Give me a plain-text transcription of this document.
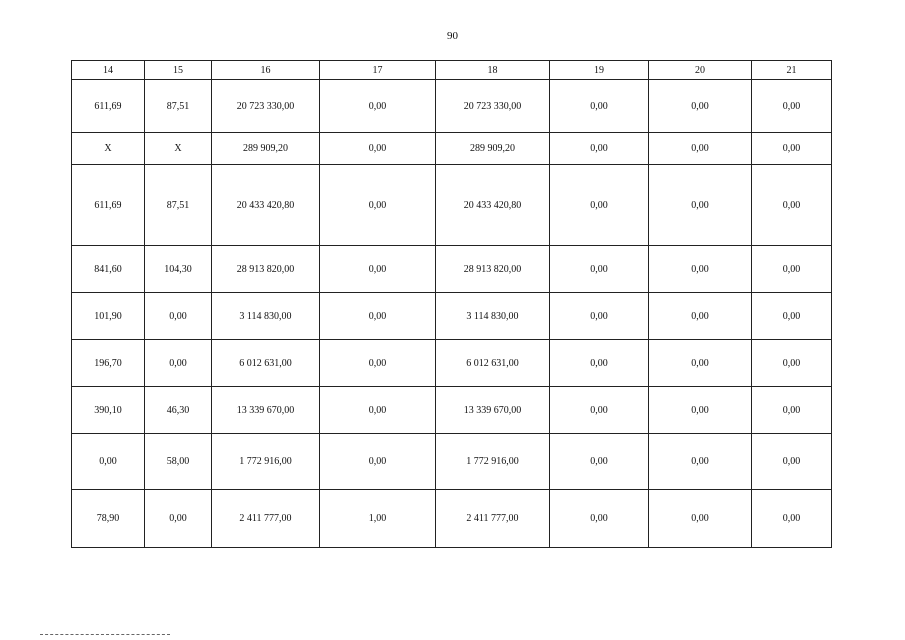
90
14	15	16	17	18	19	20	21
611,69	87,51	20 723 330,00	0,00	20 723 330,00	0,00	0,00	0,00
X	X	289 909,20	0,00	289 909,20	0,00	0,00	0,00
611,69	87,51	20 433 420,80	0,00	20 433 420,80	0,00	0,00	0,00
841,60	104,30	28 913 820,00	0,00	28 913 820,00	0,00	0,00	0,00
101,90	0,00	3 114 830,00	0,00	3 114 830,00	0,00	0,00	0,00
196,70	0,00	6 012 631,00	0,00	6 012 631,00	0,00	0,00	0,00
390,10	46,30	13 339 670,00	0,00	13 339 670,00	0,00	0,00	0,00
0,00	58,00	1 772 916,00	0,00	1 772 916,00	0,00	0,00	0,00
78,90	0,00	2 411 777,00	1,00	2 411 777,00	0,00	0,00	0,00
